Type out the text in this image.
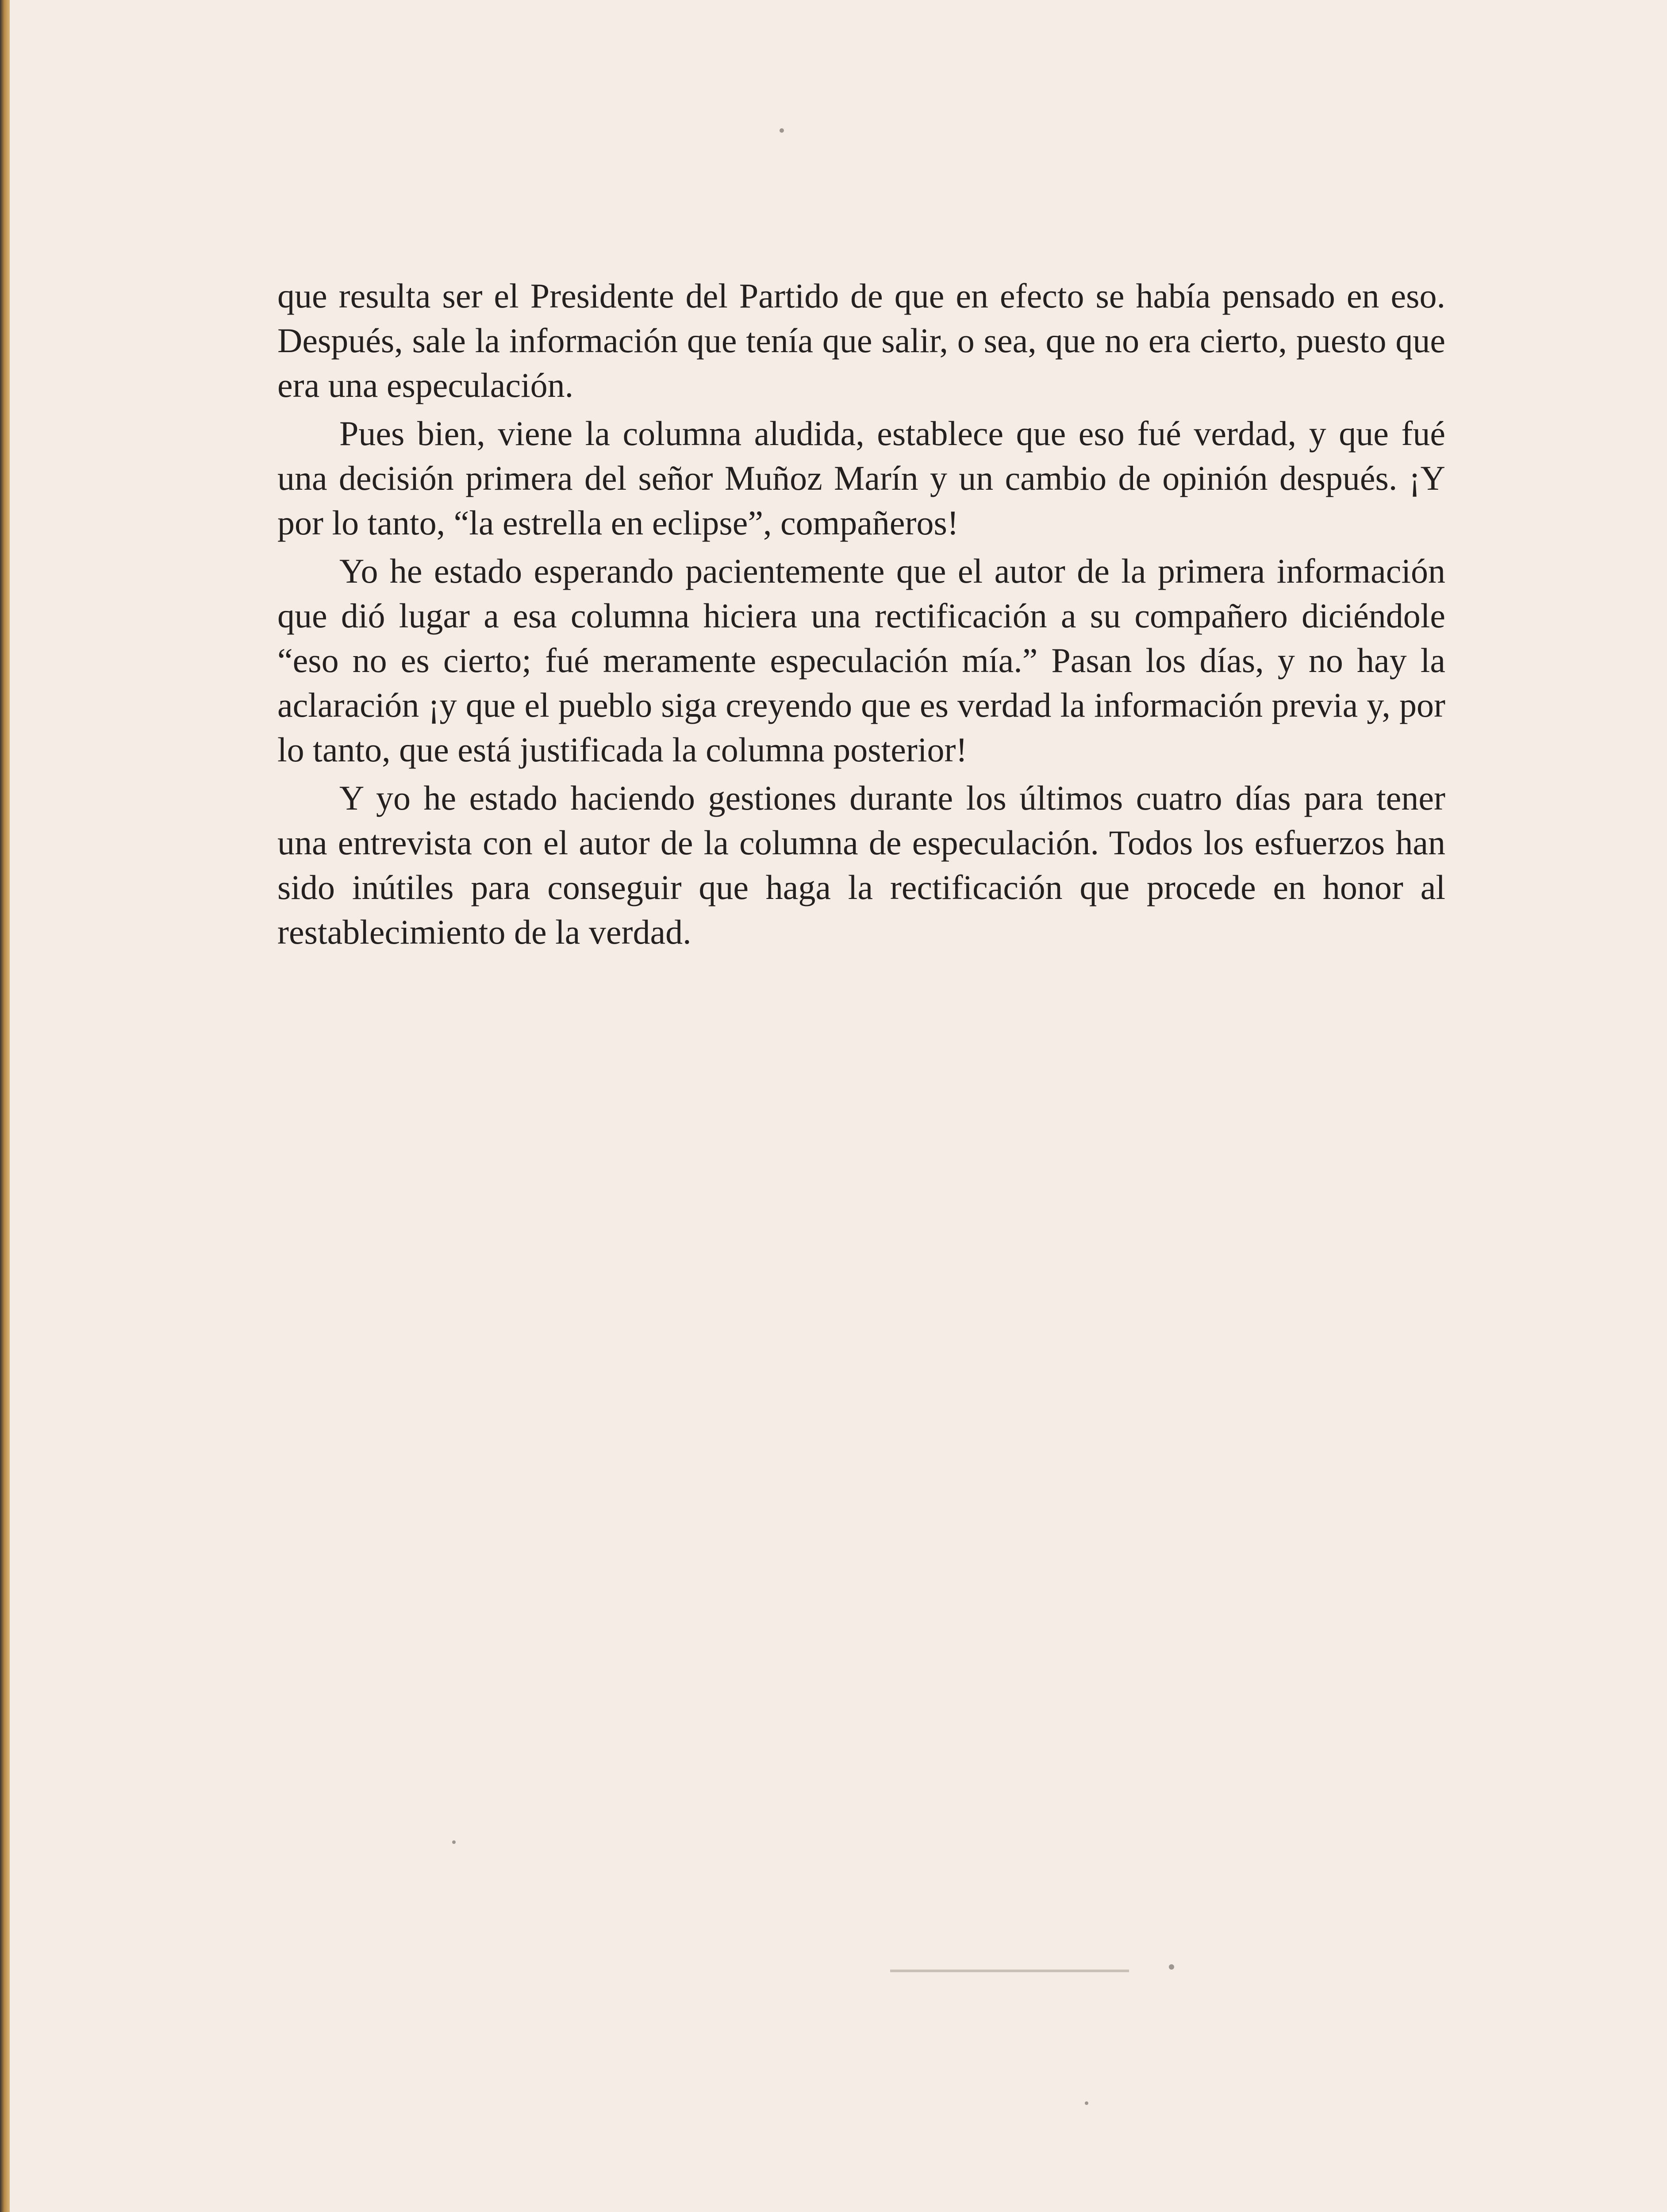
que resulta ser el Presidente del Partido de que en efecto se había pensado en eso. Después, sale la información que tenía que salir, o sea, que no era cierto, puesto que era una especulación.

Pues bien, viene la columna aludida, establece que eso fué verdad, y que fué una decisión primera del señor Muñoz Marín y un cambio de opinión después. ¡Y por lo tanto, “la estrella en eclipse”, compañeros!

Yo he estado esperando pacientemente que el autor de la primera información que dió lugar a esa columna hiciera una rectificación a su compañero diciéndole “eso no es cierto; fué meramente especulación mía.” Pasan los días, y no hay la aclaración ¡y que el pueblo siga creyendo que es verdad la información previa y, por lo tanto, que está justificada la columna posterior!

Y yo he estado haciendo gestiones durante los últimos cuatro días para tener una entrevista con el autor de la columna de especulación. Todos los esfuerzos han sido inútiles para conseguir que haga la rectificación que procede en honor al restablecimiento de la verdad.
